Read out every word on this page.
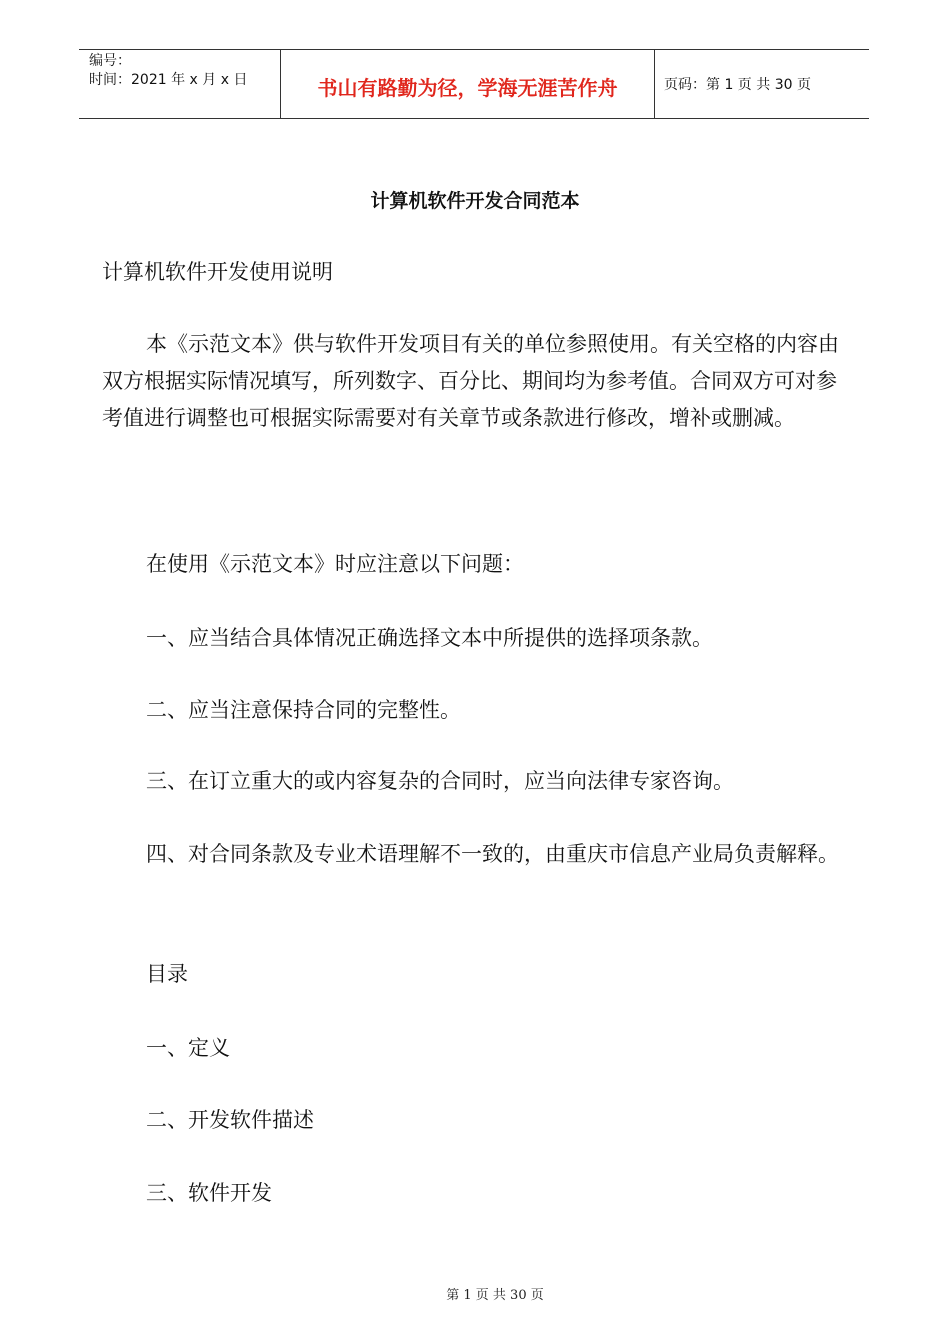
编号：
时间：2021 年 x 月 x 日	书山有路勤为径，学海无涯苦作舟	页码：第 1 页 共 30 页
计算机软件开发合同范本

计算机软件开发使用说明

本《示范文本》供与软件开发项目有关的单位参照使用。有关空格的内容由双方根据实际情况填写，所列数字、百分比、期间均为参考值。合同双方可对参考值进行调整也可根据实际需要对有关章节或条款进行修改，增补或删减。

在使用《示范文本》时应注意以下问题：

一、应当结合具体情况正确选择文本中所提供的选择项条款。

二、应当注意保持合同的完整性。

三、在订立重大的或内容复杂的合同时，应当向法律专家咨询。

四、对合同条款及专业术语理解不一致的，由重庆市信息产业局负责解释。

目录

一、定义

二、开发软件描述

三、软件开发

第 1 页 共 30 页
